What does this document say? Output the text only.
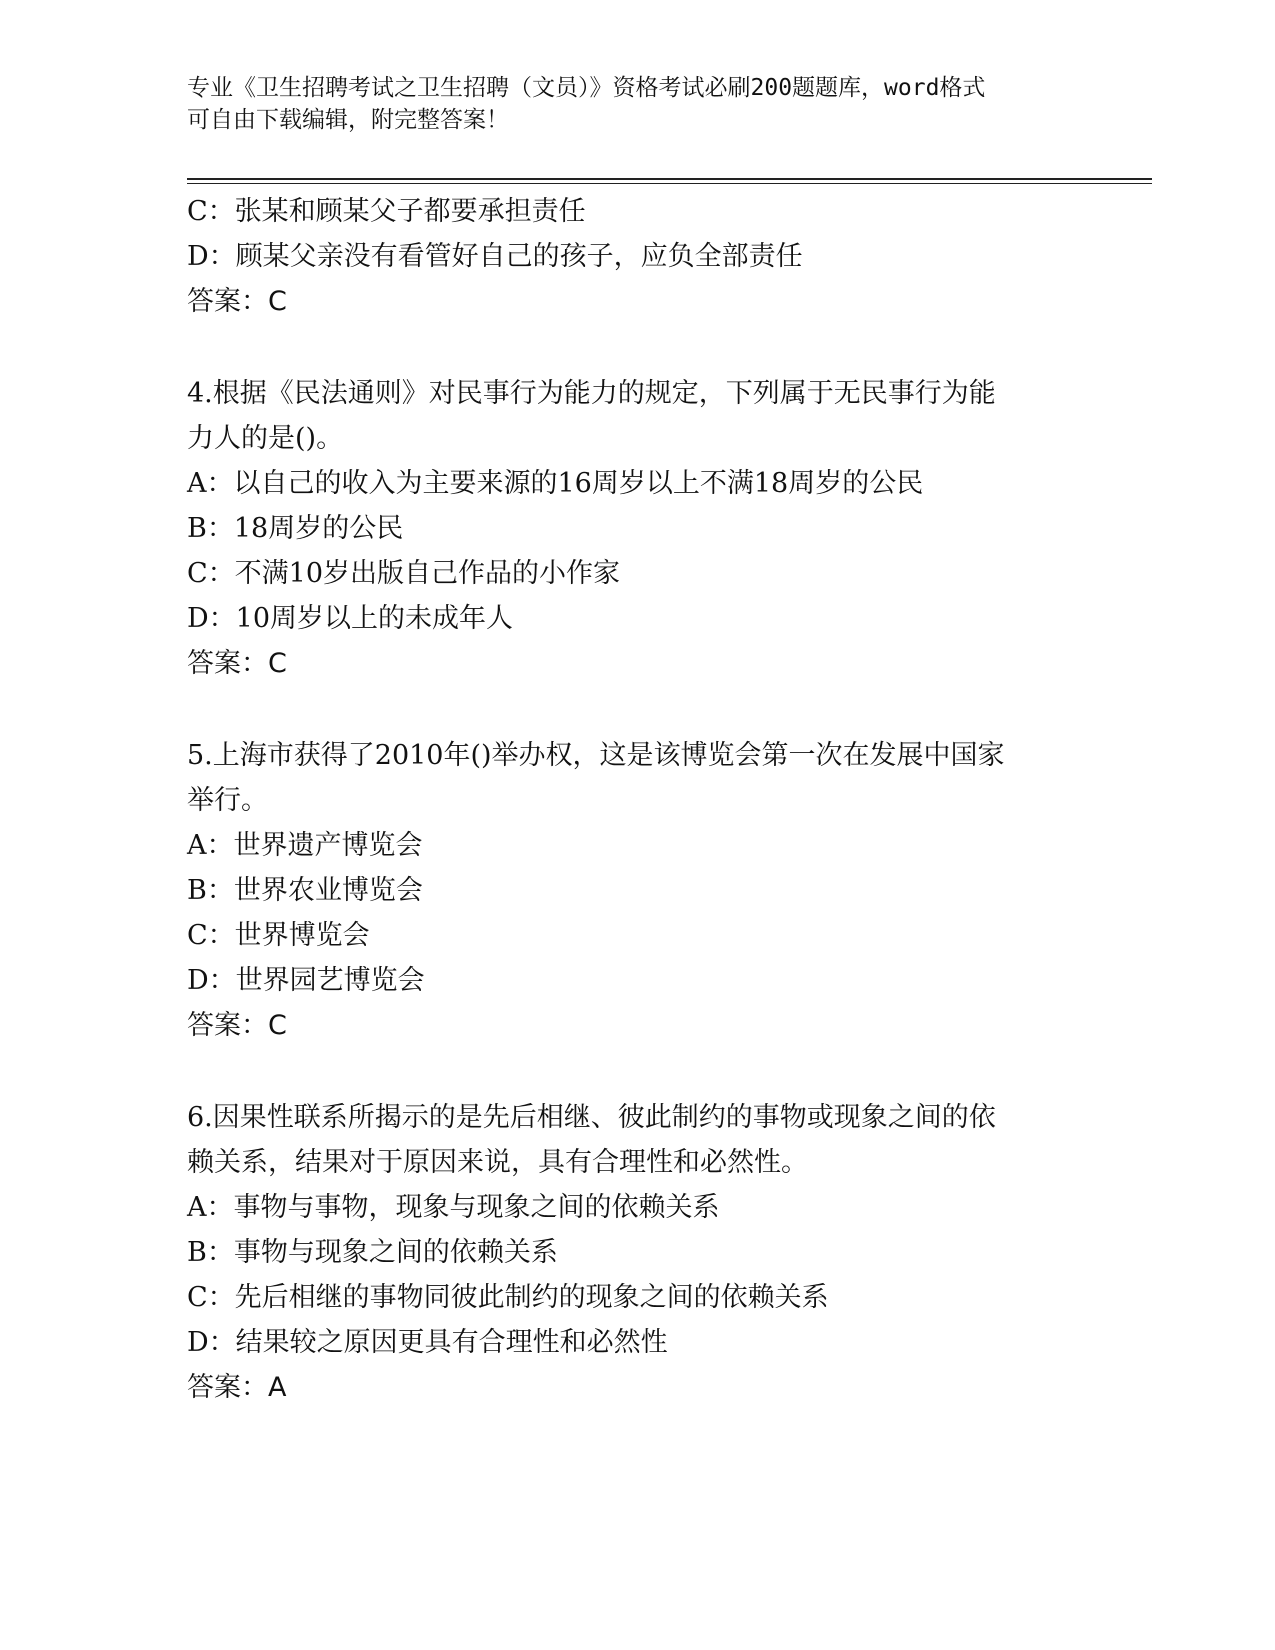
专业《卫生招聘考试之卫生招聘（文员）》资格考试必刷200题题库，word格式
可自由下载编辑，附完整答案！
C：张某和顾某父子都要承担责任
D：顾某父亲没有看管好自己的孩子，应负全部责任
答案：C
4.根据《民法通则》对民事行为能力的规定，下列属于无民事行为能
力人的是()。
A：以自己的收入为主要来源的16周岁以上不满18周岁的公民
B：18周岁的公民
C：不满10岁出版自己作品的小作家
D：10周岁以上的未成年人
答案：C
5.上海市获得了2010年()举办权，这是该博览会第一次在发展中国家
举行。
A：世界遗产博览会
B：世界农业博览会
C：世界博览会
D：世界园艺博览会
答案：C
6.因果性联系所揭示的是先后相继、彼此制约的事物或现象之间的依
赖关系，结果对于原因来说，具有合理性和必然性。
A：事物与事物，现象与现象之间的依赖关系
B：事物与现象之间的依赖关系
C：先后相继的事物同彼此制约的现象之间的依赖关系
D：结果较之原因更具有合理性和必然性
答案：A
